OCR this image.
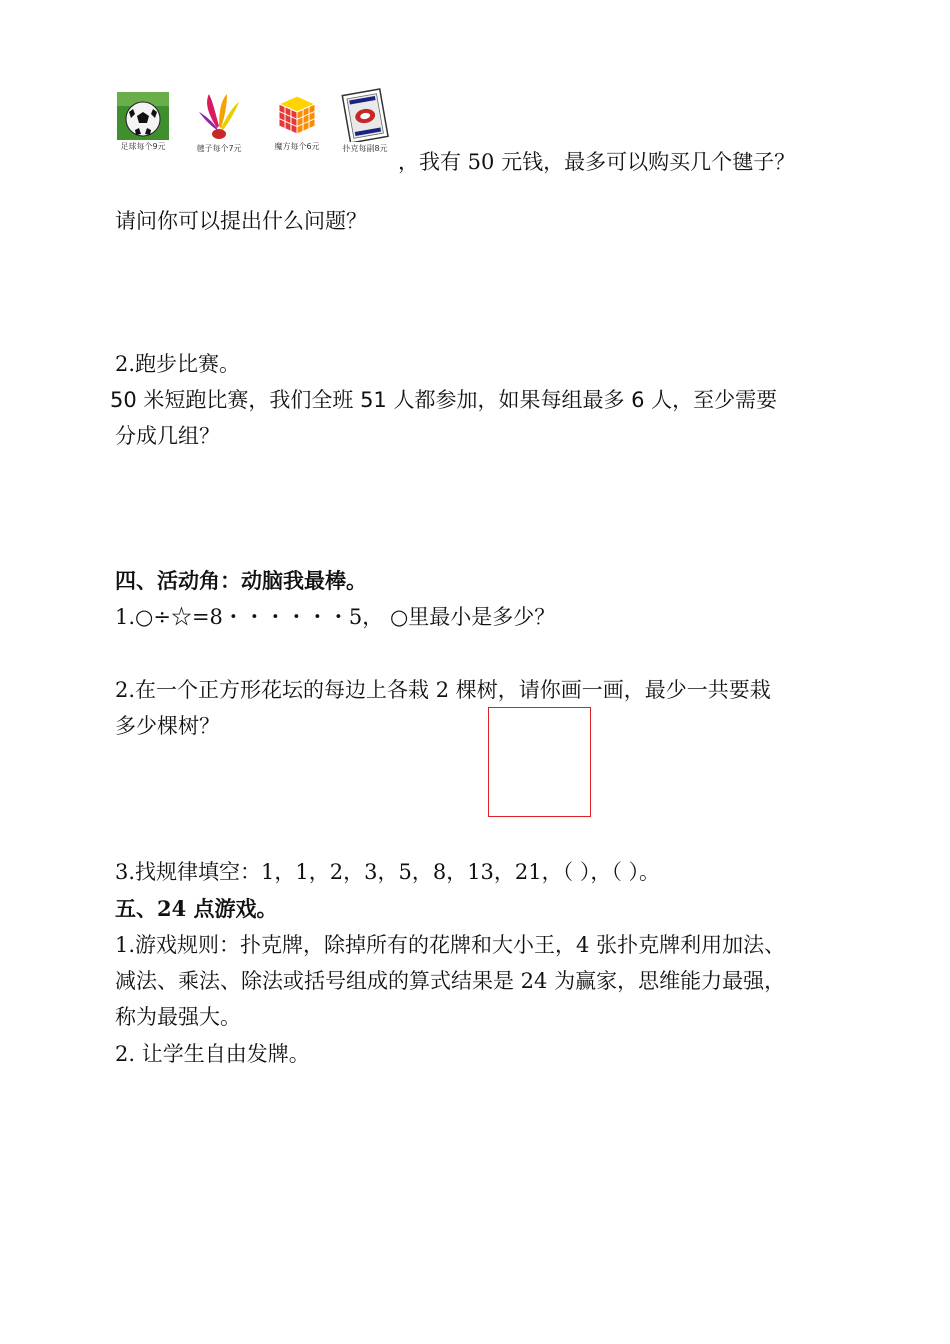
足球每个9元	毽子每个7元	魔方每个6元	扑克每副8元
，我有 50 元钱，最多可以购买几个毽子？
请问你可以提出什么问题？
2.跑步比赛。
50 米短跑比赛，我们全班 51 人都参加，如果每组最多 6 人，至少需要
分成几组？
四、活动角：动脑我最棒。
1.○÷☆=8・・・・・・5， ○里最小是多少？
2.在一个正方形花坛的每边上各栽 2 棵树，请你画一画，最少一共要栽
多少棵树？
3.找规律填空：1，1，2，3，5，8，13，21，（ ），（ ）。
五、24 点游戏。
1.游戏规则：扑克牌，除掉所有的花牌和大小王，4 张扑克牌利用加法、
减法、乘法、除法或括号组成的算式结果是 24 为赢家，思维能力最强，
称为最强大。
2. 让学生自由发牌。
